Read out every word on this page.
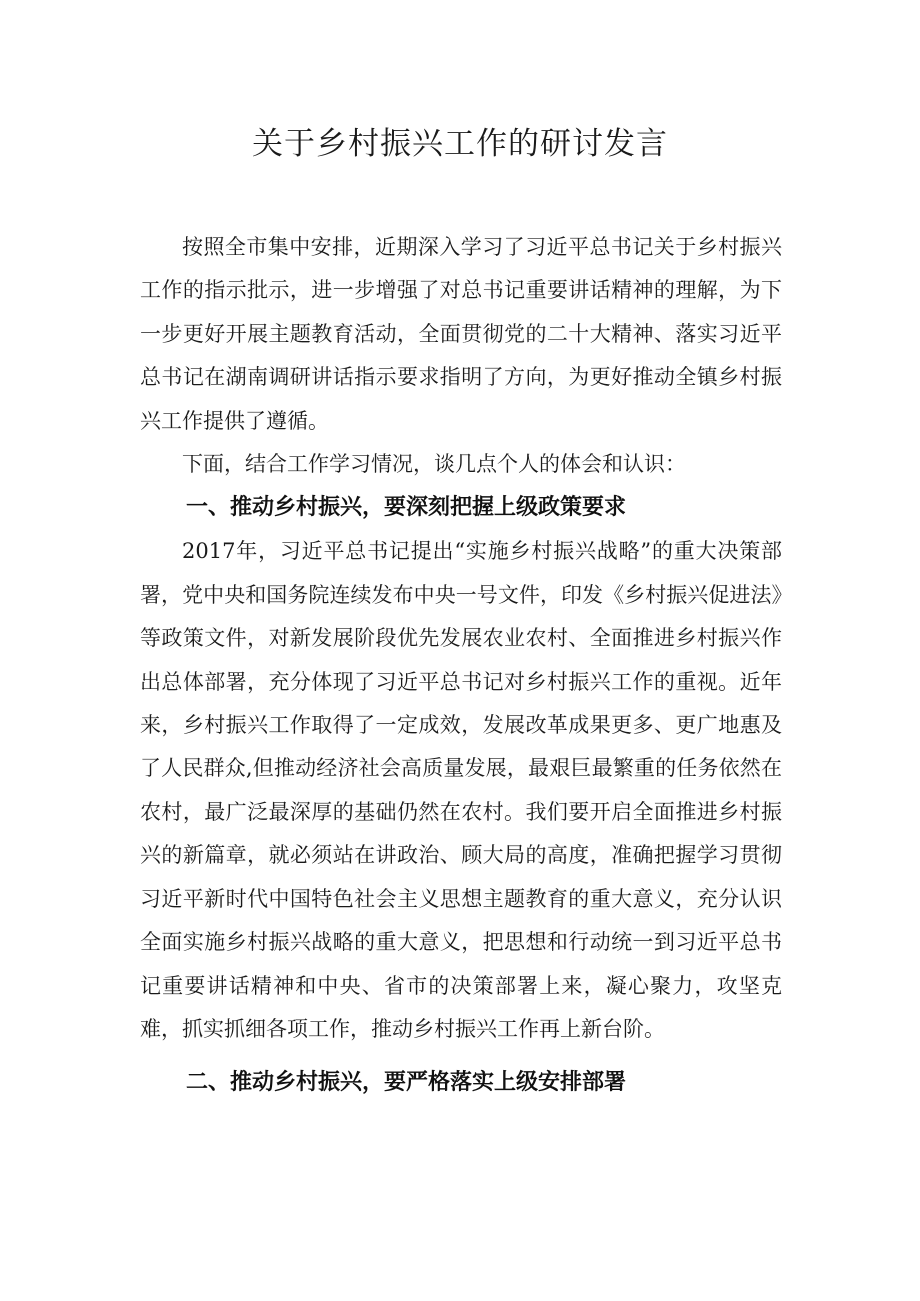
关于乡村振兴工作的研讨发言

按照全市集中安排，近期深入学习了习近平总书记关于乡村振兴工作的指示批示，进一步增强了对总书记重要讲话精神的理解，为下一步更好开展主题教育活动，全面贯彻党的二十大精神、落实习近平总书记在湖南调研讲话指示要求指明了方向，为更好推动全镇乡村振兴工作提供了遵循。

下面，结合工作学习情况，谈几点个人的体会和认识：

一、推动乡村振兴，要深刻把握上级政策要求

2017年，习近平总书记提出“实施乡村振兴战略”的重大决策部署，党中央和国务院连续发布中央一号文件，印发《乡村振兴促进法》等政策文件，对新发展阶段优先发展农业农村、全面推进乡村振兴作出总体部署，充分体现了习近平总书记对乡村振兴工作的重视。近年来，乡村振兴工作取得了一定成效，发展改革成果更多、更广地惠及了人民群众,但推动经济社会高质量发展，最艰巨最繁重的任务依然在农村，最广泛最深厚的基础仍然在农村。我们要开启全面推进乡村振兴的新篇章，就必须站在讲政治、顾大局的高度，准确把握学习贯彻习近平新时代中国特色社会主义思想主题教育的重大意义，充分认识全面实施乡村振兴战略的重大意义，把思想和行动统一到习近平总书记重要讲话精神和中央、省市的决策部署上来，凝心聚力，攻坚克难，抓实抓细各项工作，推动乡村振兴工作再上新台阶。

二、推动乡村振兴，要严格落实上级安排部署
